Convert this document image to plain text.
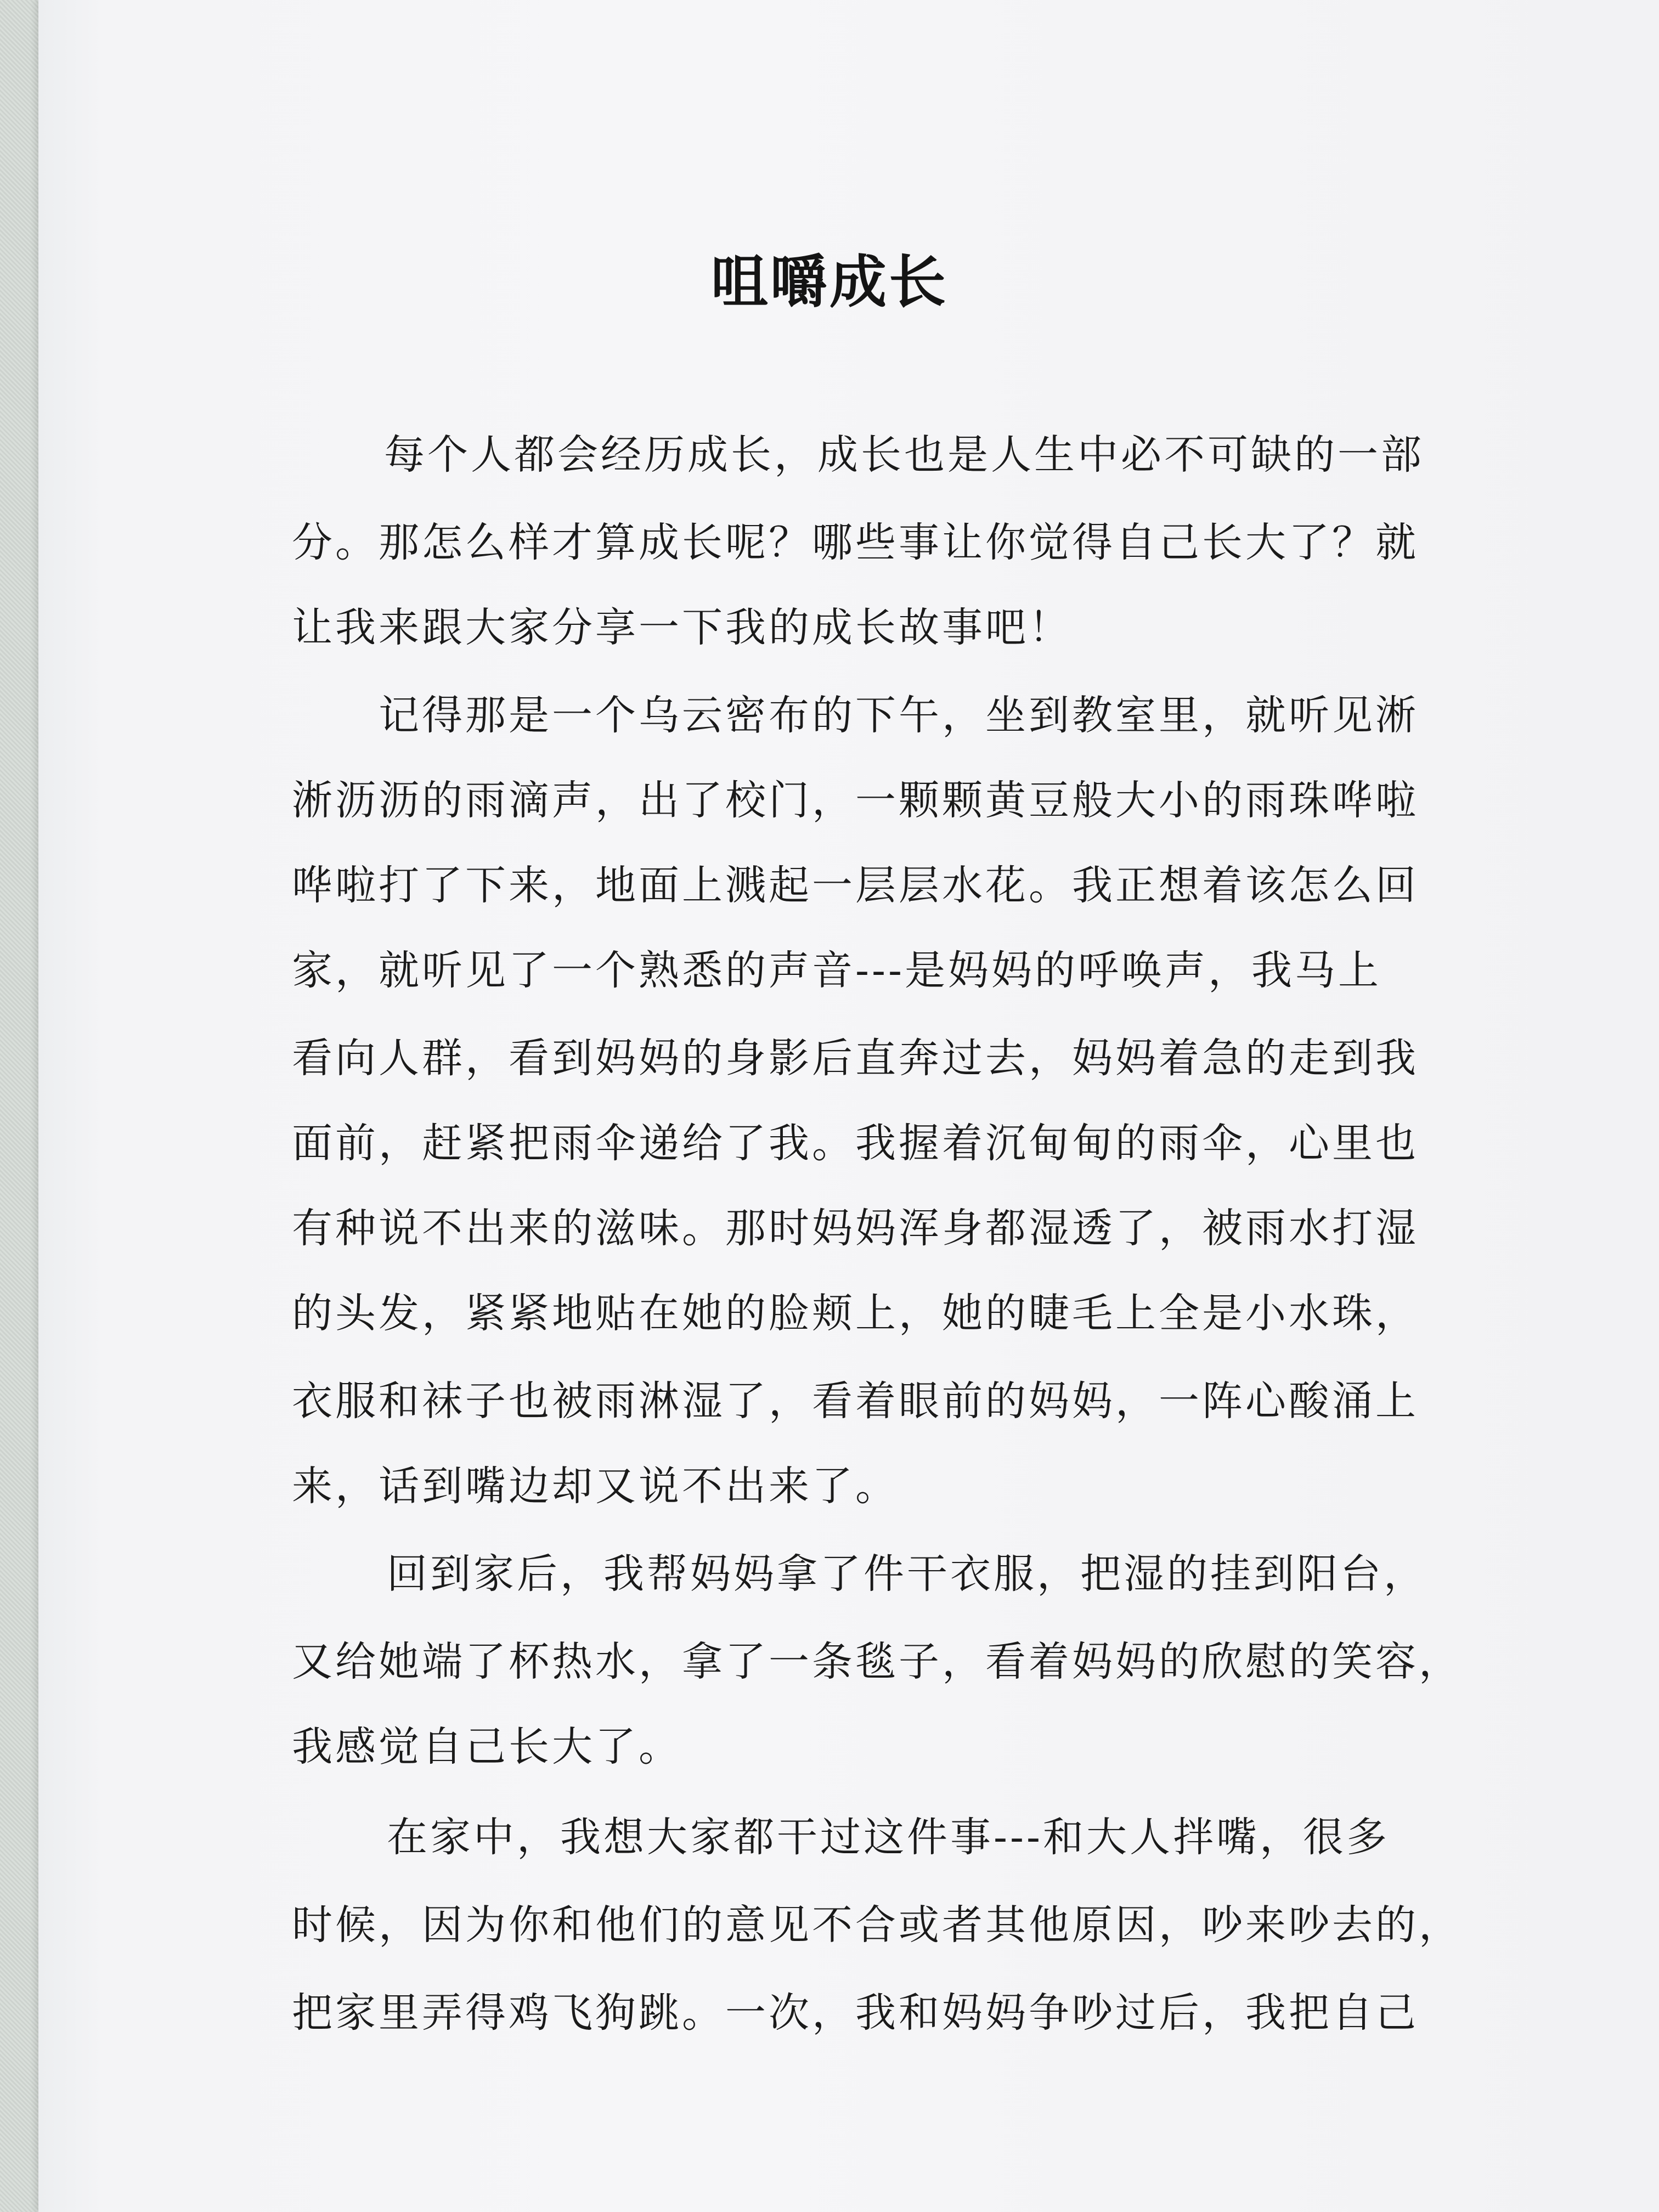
咀嚼成长

每个人都会经历成长，成长也是人生中必不可缺的一部

分。那怎么样才算成长呢？哪些事让你觉得自己长大了？就

让我来跟大家分享一下我的成长故事吧！

记得那是一个乌云密布的下午，坐到教室里，就听见淅

淅沥沥的雨滴声，出了校门，一颗颗黄豆般大小的雨珠哗啦

哗啦打了下来，地面上溅起一层层水花。我正想着该怎么回

家，就听见了一个熟悉的声音---是妈妈的呼唤声，我马上

看向人群，看到妈妈的身影后直奔过去，妈妈着急的走到我

面前，赶紧把雨伞递给了我。我握着沉甸甸的雨伞，心里也

有种说不出来的滋味。那时妈妈浑身都湿透了，被雨水打湿

的头发，紧紧地贴在她的脸颊上，她的睫毛上全是小水珠，

衣服和袜子也被雨淋湿了，看着眼前的妈妈，一阵心酸涌上

来，话到嘴边却又说不出来了。

回到家后，我帮妈妈拿了件干衣服，把湿的挂到阳台，

又给她端了杯热水，拿了一条毯子，看着妈妈的欣慰的笑容，

我感觉自己长大了。

在家中，我想大家都干过这件事---和大人拌嘴，很多

时候，因为你和他们的意见不合或者其他原因，吵来吵去的，

把家里弄得鸡飞狗跳。一次，我和妈妈争吵过后，我把自己
